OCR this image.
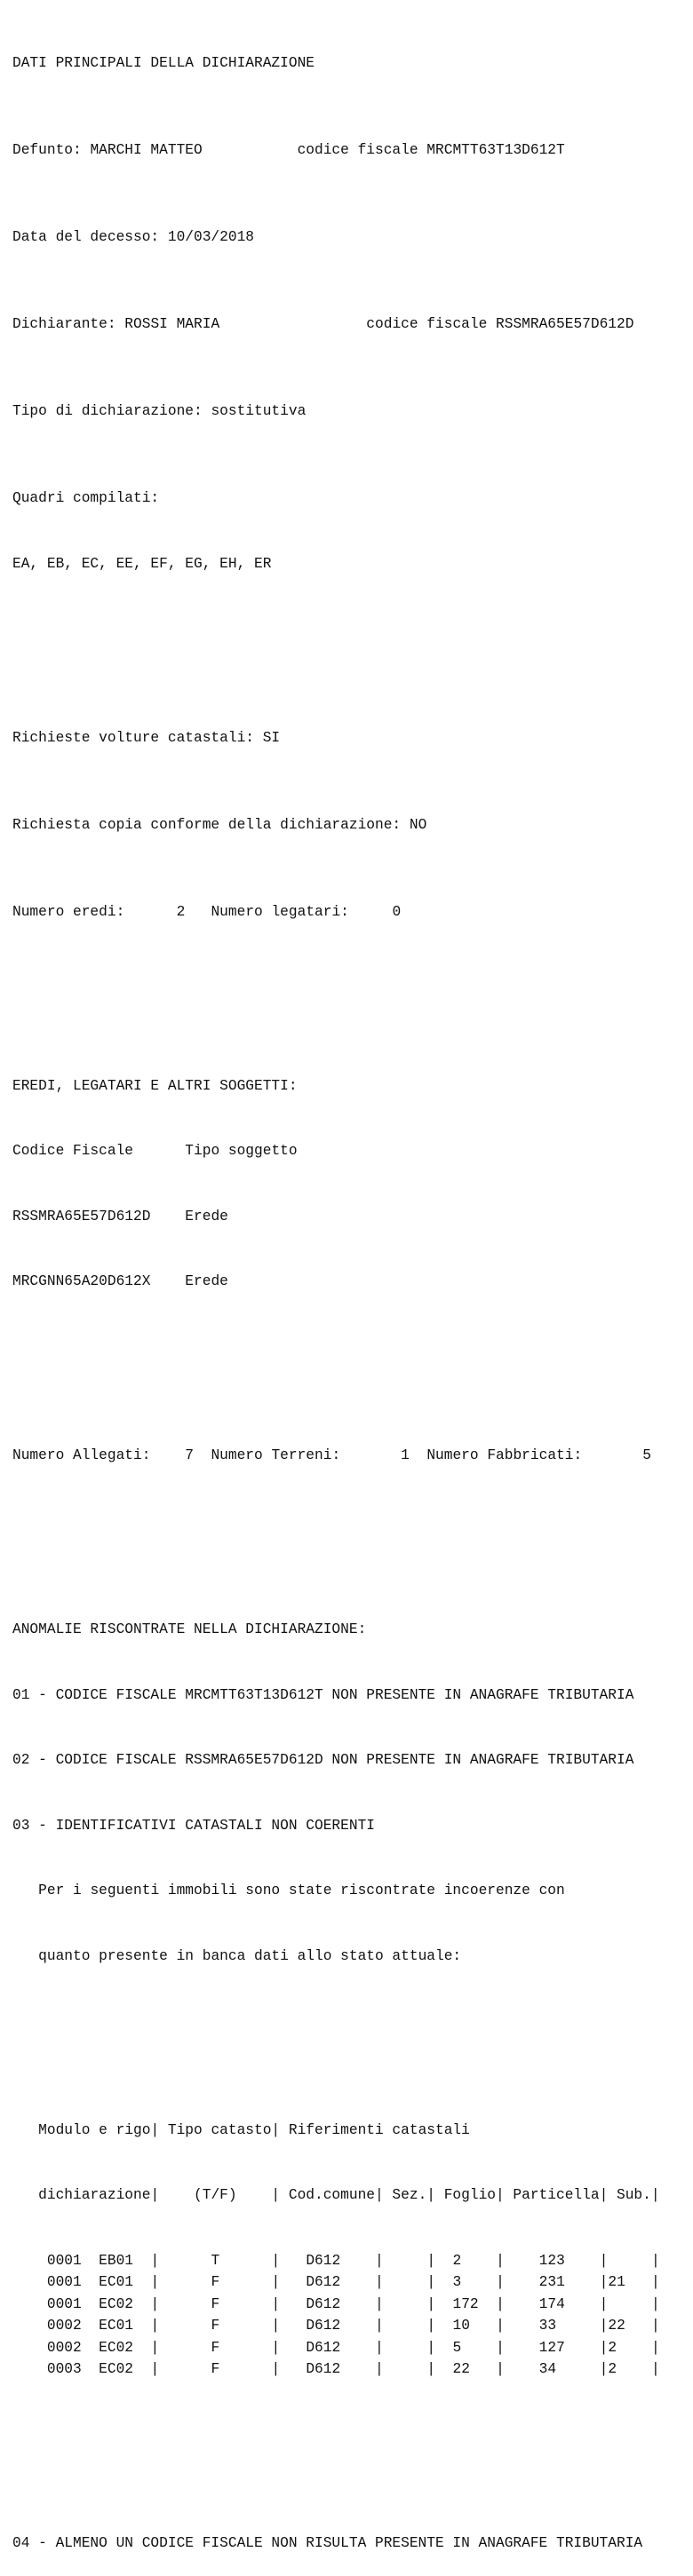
DATI PRINCIPALI DELLA DICHIARAZIONE

Defunto: MARCHI MATTEO           codice fiscale MRCMTT63T13D612T

Data del decesso: 10/03/2018

Dichiarante: ROSSI MARIA                 codice fiscale RSSMRA65E57D612D

Tipo di dichiarazione: sostitutiva

Quadri compilati:

EA, EB, EC, EE, EF, EG, EH, ER

Richieste volture catastali: SI

Richiesta copia conforme della dichiarazione: NO

Numero eredi:	2 Numero legatari:	0

EREDI, LEGATARI E ALTRI SOGGETTI:

Codice Fiscale      Tipo soggetto

RSSMRA65E57D612D    Erede

MRCGNN65A20D612X    Erede

Numero Allegati: 7 Numero Terreni:	1 Numero Fabbricati:	5

ANOMALIE RISCONTRATE NELLA DICHIARAZIONE:

01 - CODICE FISCALE MRCMTT63T13D612T NON PRESENTE IN ANAGRAFE TRIBUTARIA

02 - CODICE FISCALE RSSMRA65E57D612D NON PRESENTE IN ANAGRAFE TRIBUTARIA

03 - IDENTIFICATIVI CATASTALI NON COERENTI

Per i seguenti immobili sono state riscontrate incoerenze con

quanto presente in banca dati allo stato attuale:

Modulo e rigo| Tipo catasto| Riferimenti catastali

dichiarazione|    (T/F)    | Cod.comune| Sez.| Foglio| Particella| Sub.|

0001  EB01  |      T      |   D612    |	|  2    |    123    |	|
0001  EC01  |      F      |   D612    |	|  3    |    231    |21   |
0001  EC02  |      F      |   D612    |	|  172  |    174    |	|
0002  EC01  |      F      |   D612    |	|  10   |    33     |22   |
0002  EC02  |      F      |   D612    |	|  5    |    127    |2    |
0003  EC02  |      F      |   D612    |	|  22   |    34     |2    |

04 - ALMENO UN CODICE FISCALE NON RISULTA PRESENTE IN ANAGRAFE TRIBUTARIA
